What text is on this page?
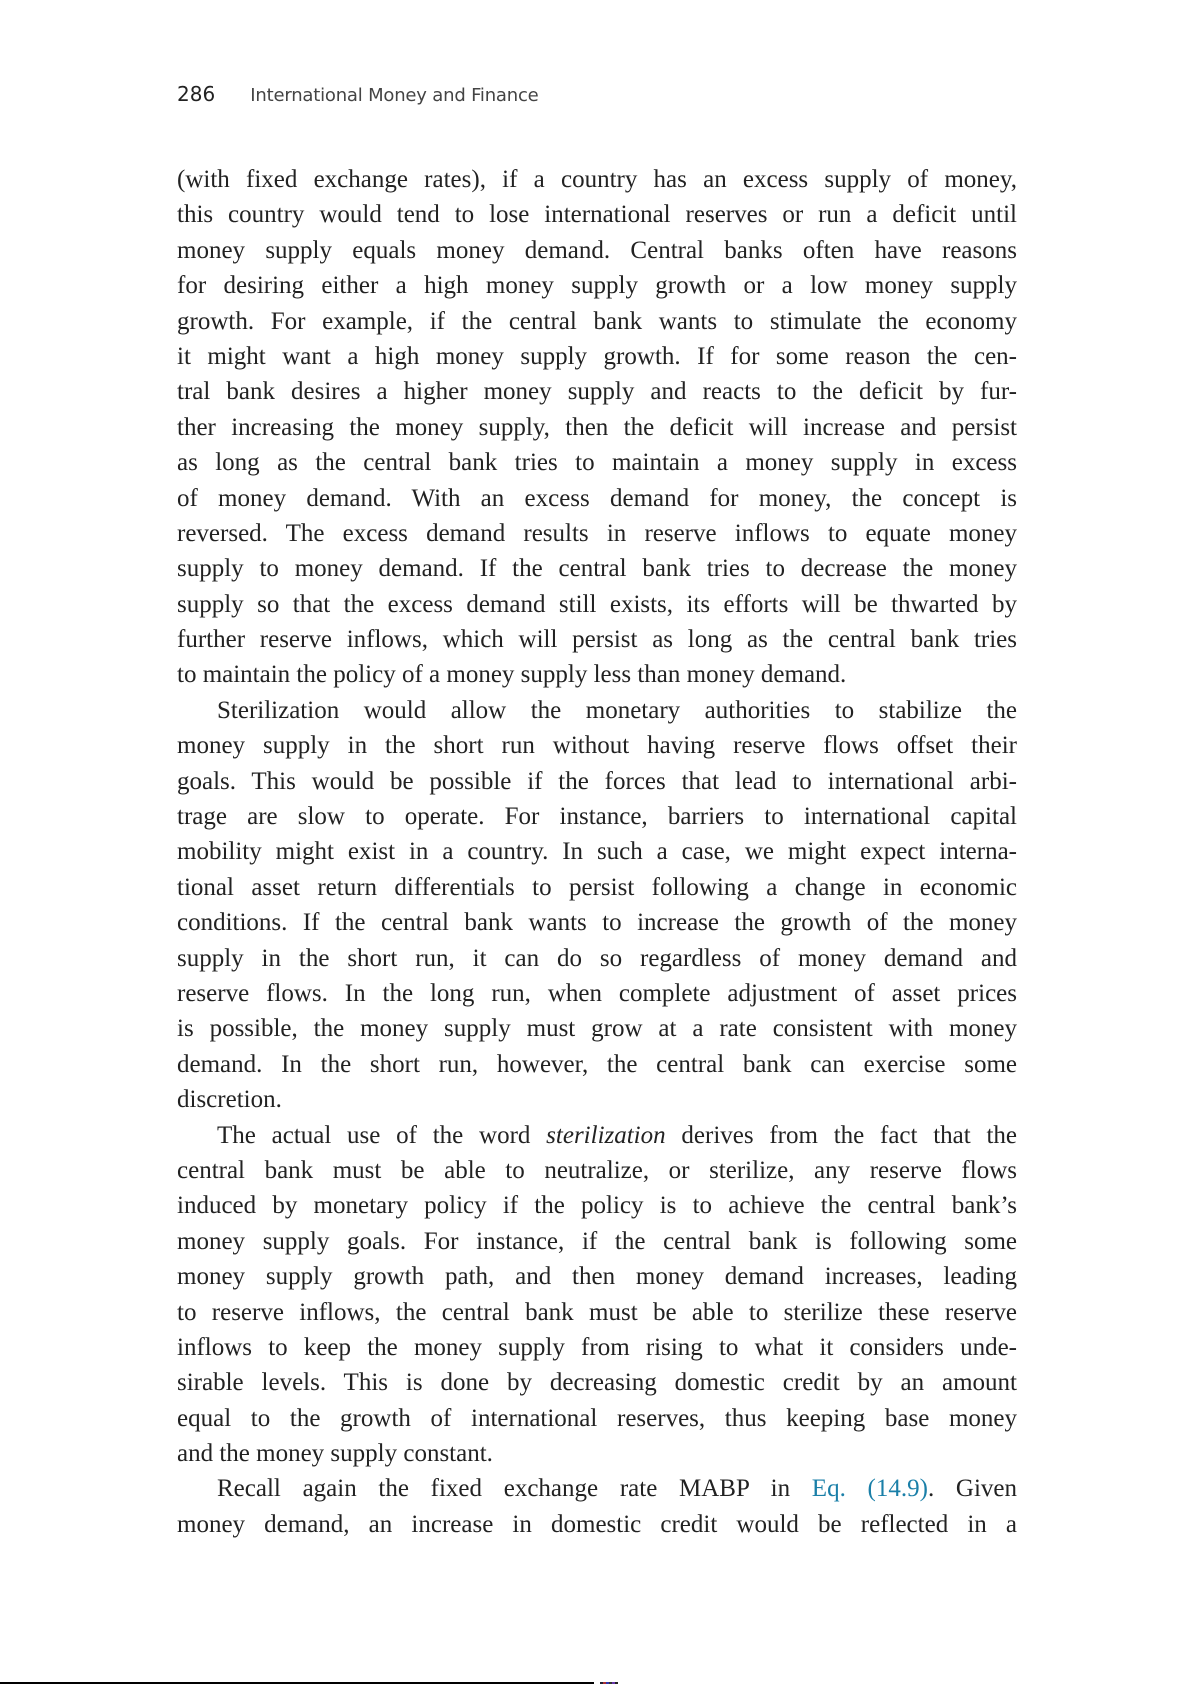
286 International Money and Finance
(with fixed exchange rates), if a country has an excess supply of money,
this country would tend to lose international reserves or run a deficit until
money supply equals money demand. Central banks often have reasons
for desiring either a high money supply growth or a low money supply
growth. For example, if the central bank wants to stimulate the economy
it might want a high money supply growth. If for some reason the cen-
tral bank desires a higher money supply and reacts to the deficit by fur-
ther increasing the money supply, then the deficit will increase and persist
as long as the central bank tries to maintain a money supply in excess
of money demand. With an excess demand for money, the concept is
reversed. The excess demand results in reserve inflows to equate money
supply to money demand. If the central bank tries to decrease the money
supply so that the excess demand still exists, its efforts will be thwarted by
further reserve inflows, which will persist as long as the central bank tries
to maintain the policy of a money supply less than money demand.
Sterilization would allow the monetary authorities to stabilize the
money supply in the short run without having reserve flows offset their
goals. This would be possible if the forces that lead to international arbi-
trage are slow to operate. For instance, barriers to international capital
mobility might exist in a country. In such a case, we might expect interna-
tional asset return differentials to persist following a change in economic
conditions. If the central bank wants to increase the growth of the money
supply in the short run, it can do so regardless of money demand and
reserve flows. In the long run, when complete adjustment of asset prices
is possible, the money supply must grow at a rate consistent with money
demand. In the short run, however, the central bank can exercise some
discretion.
The actual use of the word sterilization derives from the fact that the
central bank must be able to neutralize, or sterilize, any reserve flows
induced by monetary policy if the policy is to achieve the central bank’s
money supply goals. For instance, if the central bank is following some
money supply growth path, and then money demand increases, leading
to reserve inflows, the central bank must be able to sterilize these reserve
inflows to keep the money supply from rising to what it considers unde-
sirable levels. This is done by decreasing domestic credit by an amount
equal to the growth of international reserves, thus keeping base money
and the money supply constant.
Recall again the fixed exchange rate MABP in Eq. (14.9). Given
money demand, an increase in domestic credit would be reflected in a
